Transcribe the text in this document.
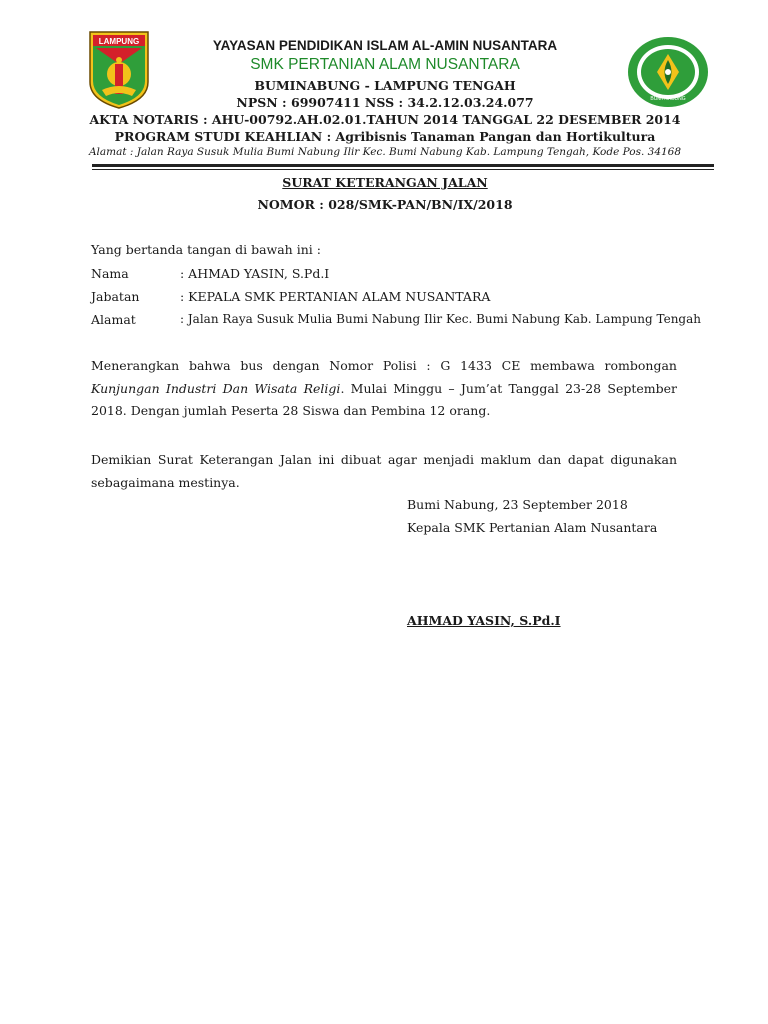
LAMPUNG
BUMI NABUNG
YAYASAN PENDIDIKAN ISLAM AL-AMIN NUSANTARA
SMK PERTANIAN ALAM NUSANTARA
BUMINABUNG - LAMPUNG TENGAH
NPSN : 69907411 NSS : 34.2.12.03.24.077
AKTA NOTARIS : AHU-00792.AH.02.01.TAHUN 2014 TANGGAL 22 DESEMBER 2014
PROGRAM STUDI KEAHLIAN : Agribisnis Tanaman Pangan dan Hortikultura
Alamat : Jalan Raya Susuk Mulia Bumi Nabung Ilir Kec. Bumi Nabung Kab. Lampung Tengah, Kode Pos. 34168
SURAT KETERANGAN JALAN
NOMOR : 028/SMK-PAN/BN/IX/2018
Yang bertanda tangan di bawah ini :
Nama	: AHMAD YASIN, S.Pd.I
Jabatan	: KEPALA SMK PERTANIAN ALAM NUSANTARA
Alamat	: Jalan Raya Susuk Mulia Bumi Nabung Ilir Kec. Bumi Nabung Kab. Lampung Tengah
Menerangkan bahwa bus dengan Nomor Polisi : G 1433 CE membawa rombongan Kunjungan Industri Dan Wisata Religi. Mulai Minggu – Jum’at Tanggal 23-28 September 2018. Dengan jumlah Peserta 28 Siswa dan Pembina 12 orang.
Demikian Surat Keterangan Jalan ini dibuat agar menjadi maklum dan dapat digunakan sebagaimana mestinya.
Bumi Nabung, 23 September 2018
Kepala SMK Pertanian Alam Nusantara
AHMAD YASIN, S.Pd.I
